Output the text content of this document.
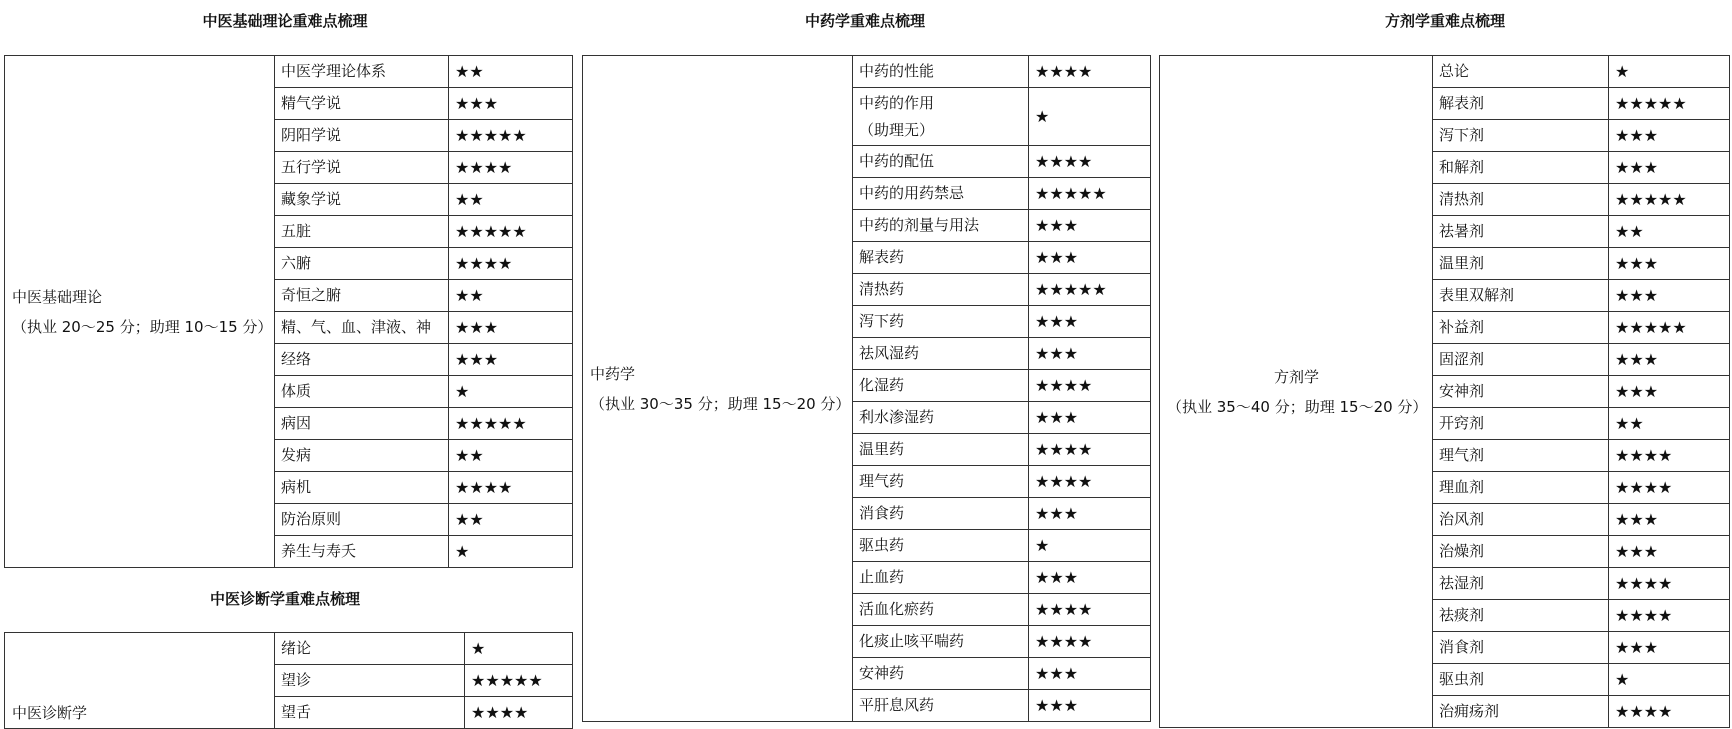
中医基础理论重难点梳理	中药学重难点梳理	方剂学重难点梳理
中医诊断学重难点梳理
中医基础理论
（执业 20～25 分；助理 10～15 分）	中医学理论体系	★★
	精气学说	★★★
	阴阳学说	★★★★★
	五行学说	★★★★
	藏象学说	★★
	五脏	★★★★★
	六腑	★★★★
	奇恒之腑	★★
	精、气、血、津液、神	★★★
	经络	★★★
	体质	★
	病因	★★★★★
	发病	★★
	病机	★★★★
	防治原则	★★
	养生与寿夭	★
中医诊断学	绪论	★
	望诊	★★★★★
	望舌	★★★★
中药学
（执业 30～35 分；助理 15～20 分）	中药的性能	★★★★
	中药的作用
（助理无）	★
	中药的配伍	★★★★
	中药的用药禁忌	★★★★★
	中药的剂量与用法	★★★
	解表药	★★★
	清热药	★★★★★
	泻下药	★★★
	祛风湿药	★★★
	化湿药	★★★★
	利水渗湿药	★★★
	温里药	★★★★
	理气药	★★★★
	消食药	★★★
	驱虫药	★
	止血药	★★★
	活血化瘀药	★★★★
	化痰止咳平喘药	★★★★
	安神药	★★★
	平肝息风药	★★★
方剂学
（执业 35～40 分；助理 15～20 分）	总论	★
	解表剂	★★★★★
	泻下剂	★★★
	和解剂	★★★
	清热剂	★★★★★
	祛暑剂	★★
	温里剂	★★★
	表里双解剂	★★★
	补益剂	★★★★★
	固涩剂	★★★
	安神剂	★★★
	开窍剂	★★
	理气剂	★★★★
	理血剂	★★★★
	治风剂	★★★
	治燥剂	★★★
	祛湿剂	★★★★
	祛痰剂	★★★★
	消食剂	★★★
	驱虫剂	★
	治痈疡剂	★★★★
